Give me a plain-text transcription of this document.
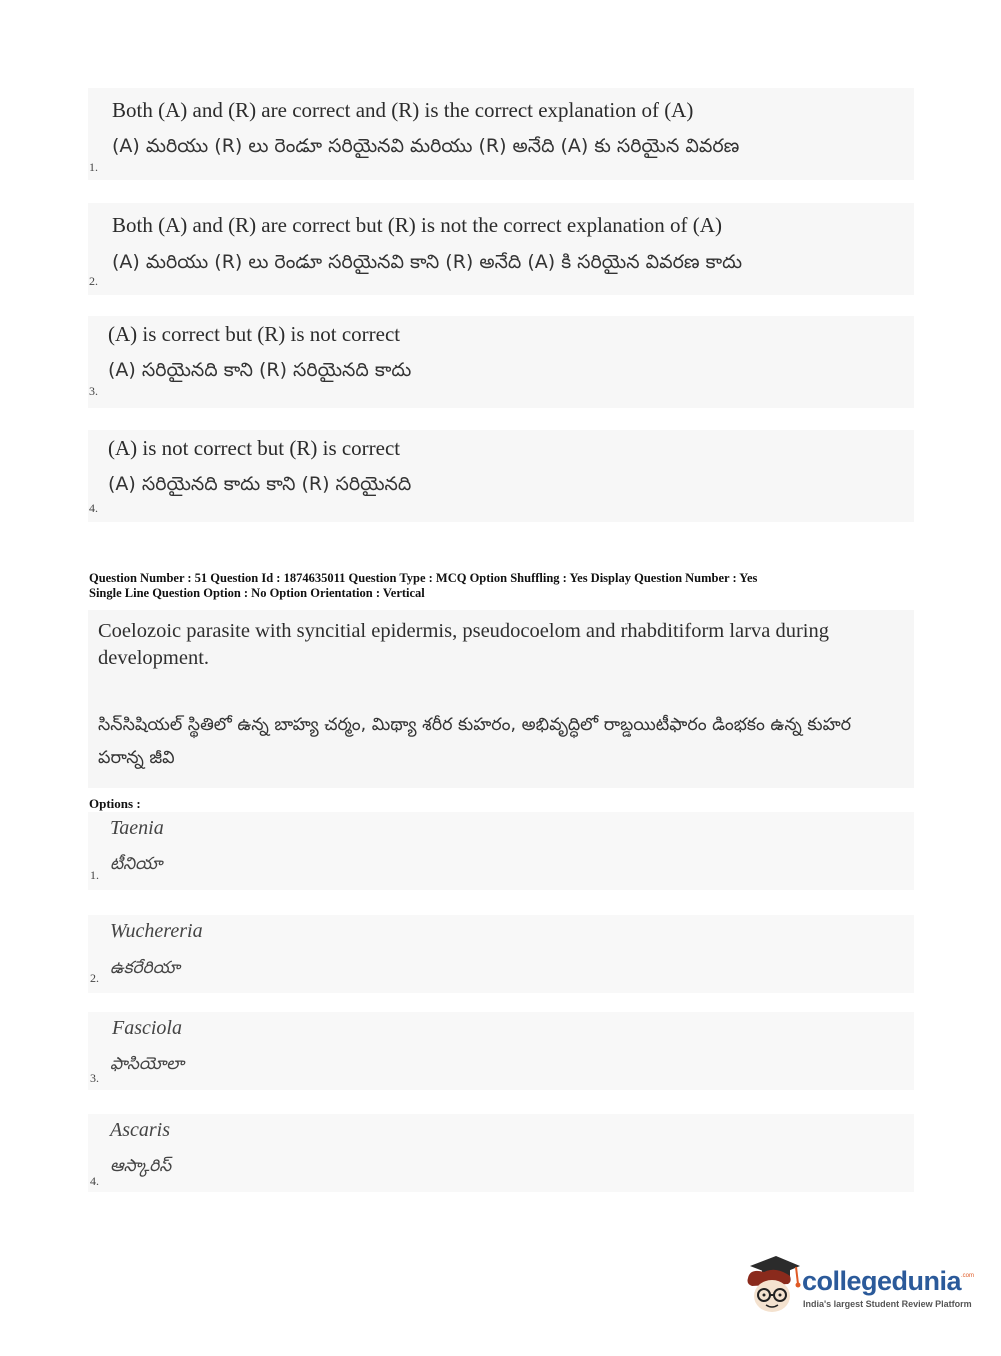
Both (A) and (R) are correct and (R) is the correct explanation of (A)
(A) మరియు (R) లు రెండూ సరియైనవి మరియు (R) అనేది (A) కు సరియైన వివరణ
1.
Both (A) and (R) are correct but (R) is not the correct explanation of (A)
(A) మరియు (R) లు రెండూ సరియైనవి కాని (R) అనేది (A) కి సరియైన వివరణ కాదు
2.
(A) is correct but (R) is not correct
(A) సరియైనది కాని (R) సరియైనది కాదు
3.
(A) is not correct but (R) is correct
(A) సరియైనది కాదు కాని (R) సరియైనది
4.
Question Number : 51 Question Id : 1874635011 Question Type : MCQ Option Shuffling : Yes Display Question Number : Yes
Single Line Question Option : No Option Orientation : Vertical
Coelozoic parasite with syncitial epidermis, pseudocoelom and rhabditiform larva during development.
సిన్‌సిషియల్ స్థితిలో ఉన్న బాహ్య చర్మం, మిథ్యా శరీర కుహరం, అభివృద్ధిలో రాబ్డయిటీఫారం డింభకం ఉన్న కుహర పరాన్న జీవి
Options :
Taenia
టీనియా
1.
Wuchereria
ఉకరేరియా
2.
Fasciola
ఫాసియోలా
3.
Ascaris
ఆస్కారిస్
4.
collegedunia .com
India's largest Student Review Platform
